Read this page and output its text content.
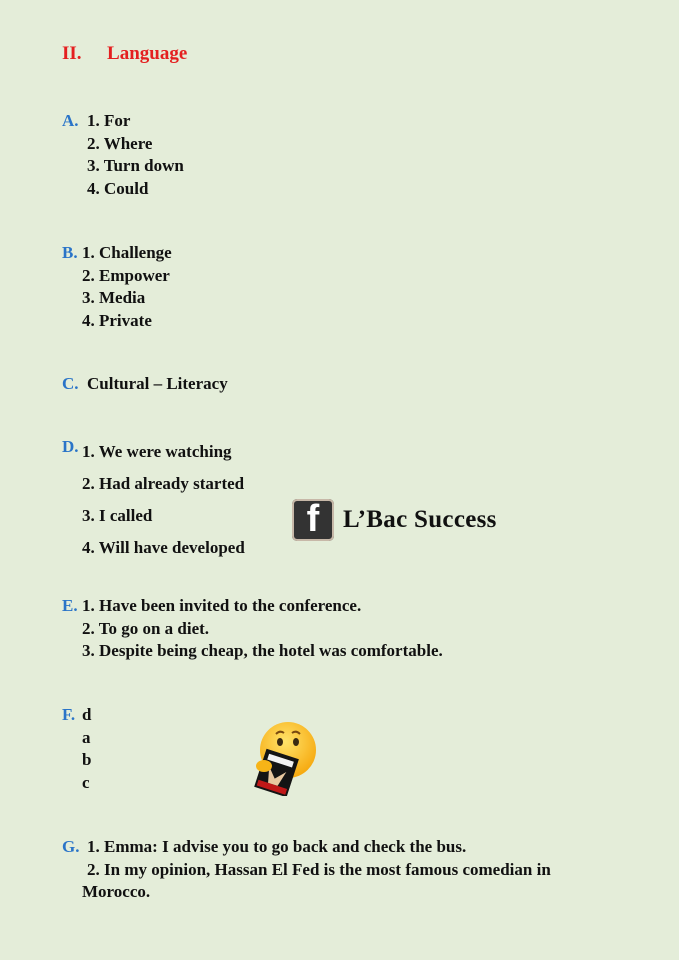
II. Language
A. 1. For
2. Where
3. Turn down
4. Could
B. 1. Challenge
2. Empower
3. Media
4. Private
C. Cultural – Literacy
D. 1. We were watching
2. Had already started
3. I called
4. Will have developed
f L’Bac Success
E. 1. Have been invited to the conference.
2. To go on a diet.
3. Despite being cheap, the hotel was comfortable.
F. d
a
b
c
G. 1. Emma: I advise you to go back and check the bus.
2. In my opinion, Hassan El Fed is the most famous comedian in
Morocco.
